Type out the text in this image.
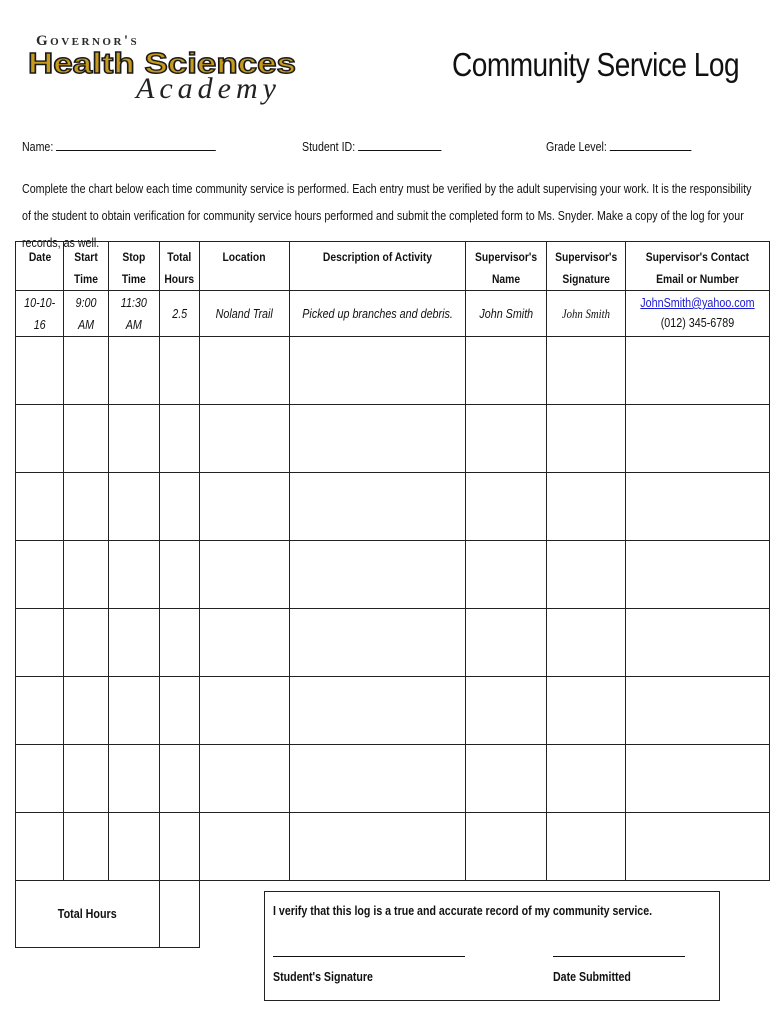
Governor's
Health Sciences
Academy
Community Service Log
Name:	Student ID:	Grade Level:
Complete the chart below each time community service is performed. Each entry must be verified by the adult supervising your work. It is the responsibility of the student to obtain verification for community service hours performed and submit the completed form to Ms. Snyder. Make a copy of the log for your records, as well.
Date	Start Time	Stop Time	Total Hours	Location	Description of Activity	Supervisor's Name	Supervisor's Signature	Supervisor's Contact Email or Number
10-10-16	9:00 AM	11:30 AM	2.5	Noland Trail	Picked up branches and debris.	John Smith	John Smith	JohnSmith@yahoo.com
(012) 345-6789

Total Hours									I verify that this log is a true and accurate record of my community service.
Student's Signature	Date Submitted
